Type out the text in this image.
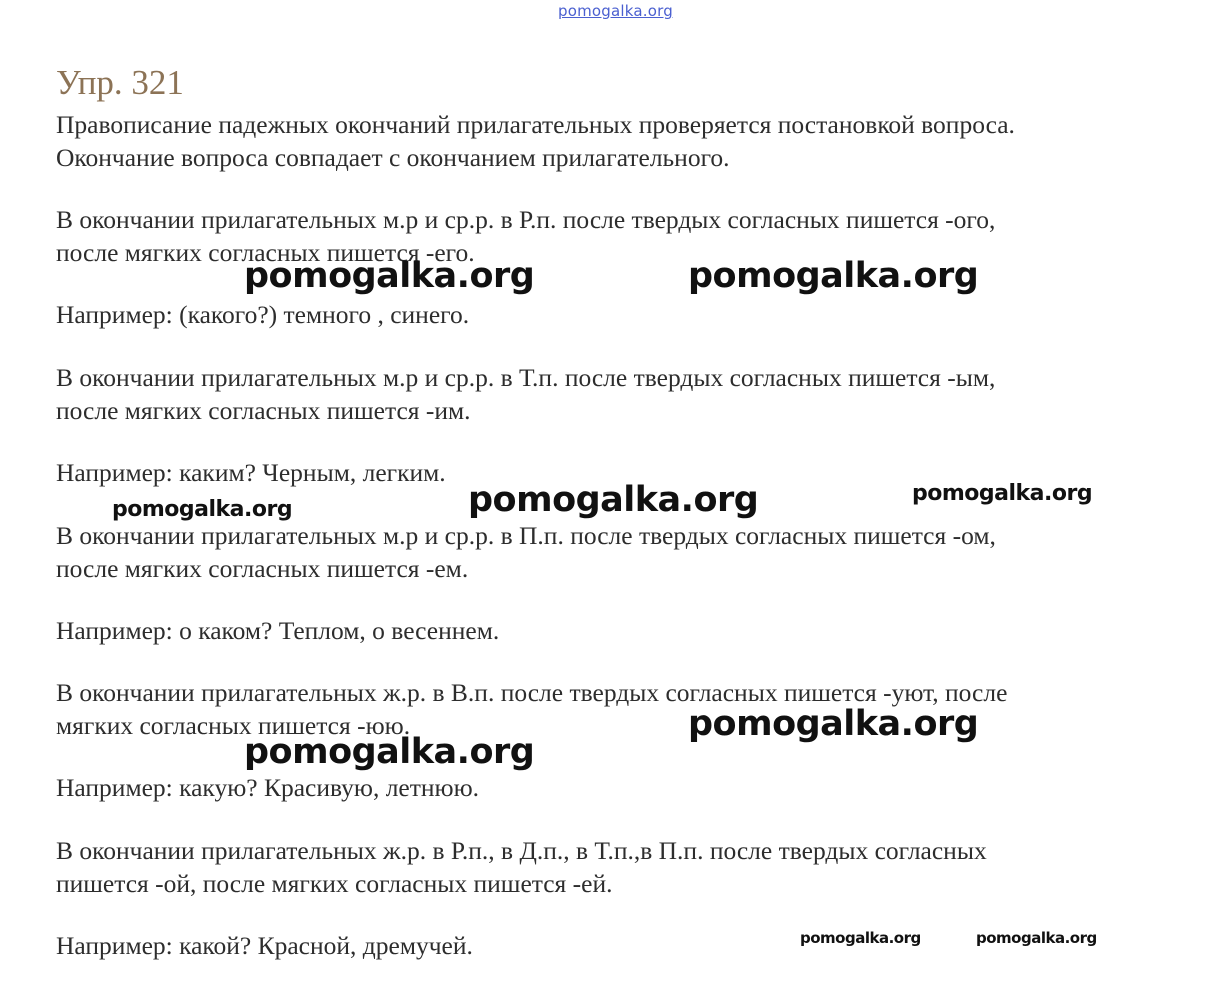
pomogalka.org
Упр. 321
Правописание падежных окончаний прилагательных проверяется постановкой вопроса.
Окончание вопроса совпадает с окончанием прилагательного.
В окончании прилагательных м.р и ср.р. в Р.п. после твердых согласных пишется -ого,
после мягких согласных пишется -его.
Например: (какого?) темного , синего.
В окончании прилагательных м.р и ср.р. в Т.п. после твердых согласных пишется -ым,
после мягких согласных пишется -им.
Например: каким? Черным, легким.
В окончании прилагательных м.р и ср.р. в П.п. после твердых согласных пишется -ом,
после мягких согласных пишется -ем.
Например: о каком? Теплом, о весеннем.
В окончании прилагательных ж.р. в В.п. после твердых согласных пишется -уют, после
мягких согласных пишется -юю.
Например: какую? Красивую, летнюю.
В окончании прилагательных ж.р. в Р.п., в Д.п., в Т.п.,в П.п. после твердых согласных
пишется -ой, после мягких согласных пишется -ей.
Например: какой? Красной, дремучей.
pomogalka.org	pomogalka.org
pomogalka.org	pomogalka.org	pomogalka.org
pomogalka.org
pomogalka.org
pomogalka.org	pomogalka.org
